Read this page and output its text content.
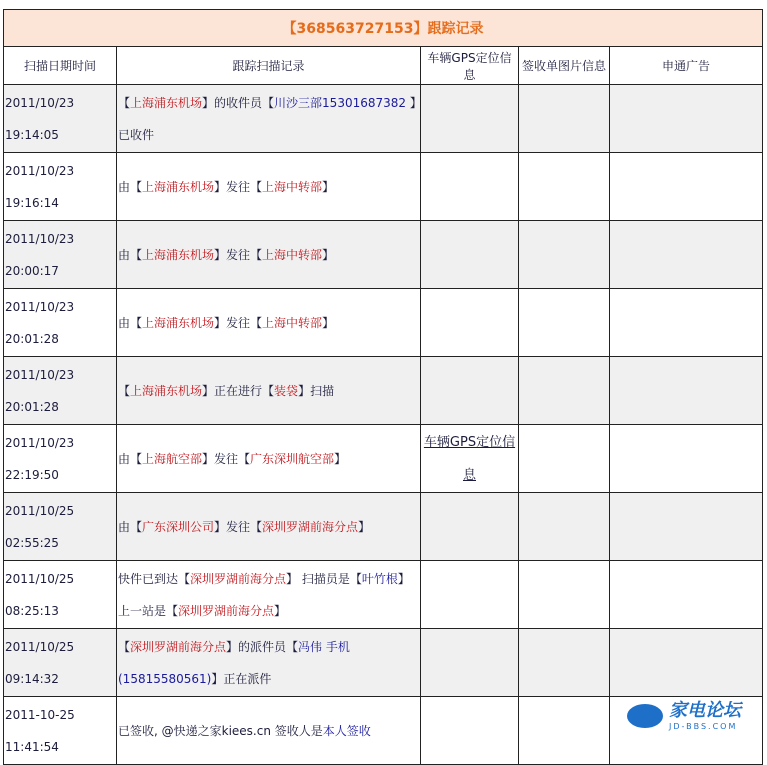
【368563727153】跟踪记录				
扫描日期时间	跟踪扫描记录	车辆GPS定位信息	签收单图片信息	申通广告
2011/10/23
19:14:05	【上海浦东机场】的收件员【川沙三部15301687382 】已收件			
2011/10/23
19:16:14	由【上海浦东机场】发往【上海中转部】			
2011/10/23
20:00:17	由【上海浦东机场】发往【上海中转部】			
2011/10/23
20:01:28	由【上海浦东机场】发往【上海中转部】			
2011/10/23
20:01:28	【上海浦东机场】正在进行【装袋】扫描			
2011/10/23
22:19:50	由【上海航空部】发往【广东深圳航空部】	车辆GPS定位信息		
2011/10/25
02:55:25	由【广东深圳公司】发往【深圳罗湖前海分点】			
2011/10/25
08:25:13	快件已到达【深圳罗湖前海分点】 扫描员是【叶竹根】 上一站是【深圳罗湖前海分点】			
2011/10/25
09:14:32	【深圳罗湖前海分点】的派件员【冯伟 手机(15815580561)】正在派件			
2011-10-25
11:41:54	已签收, @快递之家kiees.cn 签收人是本人签收			
家电论坛
JD-BBS.COM
